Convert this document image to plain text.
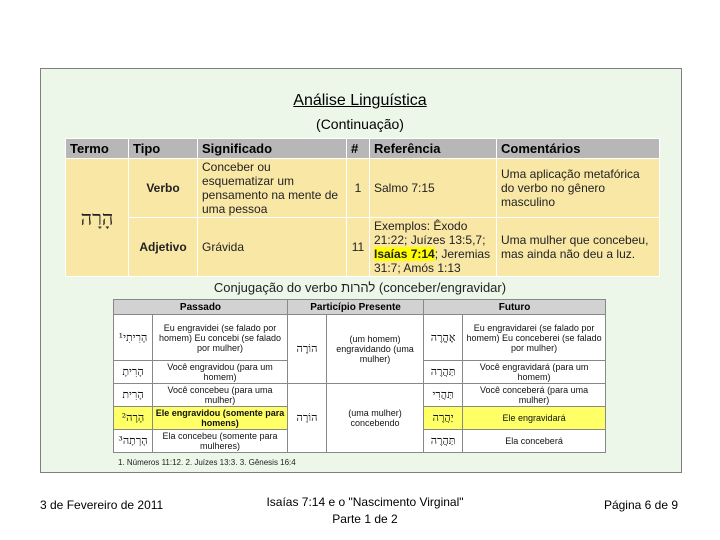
Análise Linguística
(Continuação)
Termo	Tipo	Significado	#	Referência	Comentários
הָרָה	Verbo	Conceber ou esquematizar um pensamento na mente de uma pessoa	1	Salmo 7:15	Uma aplicação metafórica do verbo no gênero masculino
	Adjetivo	Grávida	11	Exemplos: Êxodo 21:22; Juízes 13:5,7; Isaías 7:14; Jeremias 31:7; Amós 1:13	Uma mulher que concebeu, mas ainda não deu a luz.
Conjugação do verbo להרות (conceber/engravidar)
Passado		Particípio Presente		Futuro	
הָרִיתִי¹	Eu engravidei (se falado por homem) Eu concebi (se falado por mulher)	הוֹרֶה	(um homem) engravidando (uma mulher)	אֶהֱרֶה	Eu engravidarei (se falado por homem) Eu conceberei (se falado por mulher)
הָרִיתָ	Você engravidou (para um homem)			תַּהֲרֶה	Você engravidará (para um homem)
הָרִית	Você concebeu (para uma mulher)	הוֹרָה	(uma mulher) concebendo	תַּהֲרִי	Você conceberá (para uma mulher)
²הָרָה	Ele engravidou (somente para homens)			יַהֲרֶה	Ele engravidará
הָרְתָה³	Ela concebeu (somente para mulheres)			תַּהֲרֶה	Ela conceberá
1. Números 11:12. 2. Juízes 13:3. 3. Gênesis 16:4
3 de Fevereiro de 2011	Isaías 7:14 e o "Nascimento Virginal"
Parte 1 de 2
Página 6 de 9
